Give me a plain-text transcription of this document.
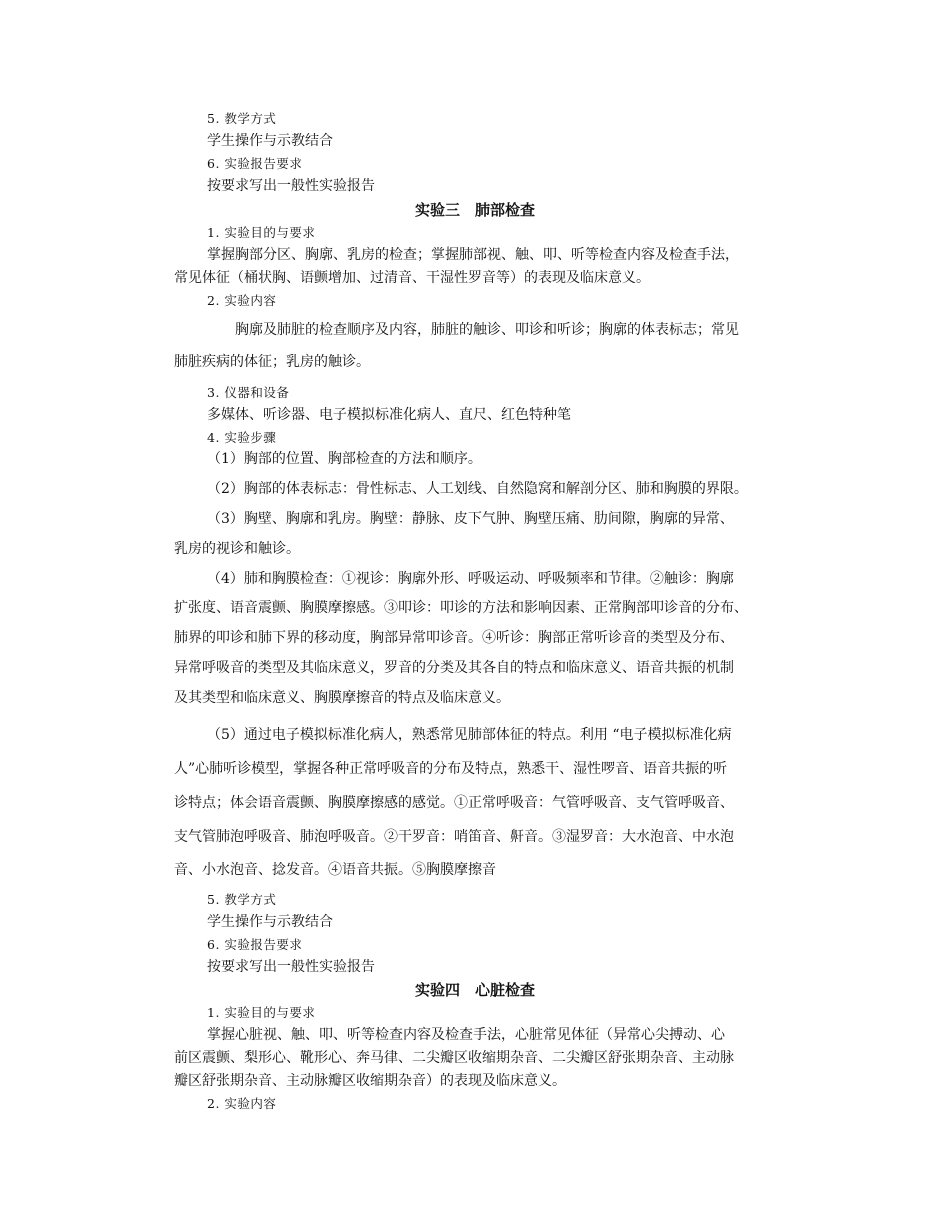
5. 教学方式
学生操作与示教结合
6. 实验报告要求
按要求写出一般性实验报告
实验三　肺部检查
1. 实验目的与要求
掌握胸部分区、胸廓、乳房的检查；掌握肺部视、触、叩、听等检查内容及检查手法，
常见体征（桶状胸、语颤增加、过清音、干湿性罗音等）的表现及临床意义。
2. 实验内容
胸廓及肺脏的检查顺序及内容，肺脏的触诊、叩诊和听诊；胸廓的体表标志；常见
肺脏疾病的体征；乳房的触诊。
3. 仪器和设备
多媒体、听诊器、电子模拟标准化病人、直尺、红色特种笔
4. 实验步骤
（1）胸部的位置、胸部检查的方法和顺序。
（2）胸部的体表标志：骨性标志、人工划线、自然隐窝和解剖分区、肺和胸膜的界限。
（3）胸壁、胸廓和乳房。胸壁：静脉、皮下气肿、胸壁压痛、肋间隙，胸廓的异常、
乳房的视诊和触诊。
（4）肺和胸膜检查：①视诊：胸廓外形、呼吸运动、呼吸频率和节律。②触诊：胸廓
扩张度、语音震颤、胸膜摩擦感。③叩诊：叩诊的方法和影响因素、正常胸部叩诊音的分布、
肺界的叩诊和肺下界的移动度，胸部异常叩诊音。④听诊：胸部正常听诊音的类型及分布、
异常呼吸音的类型及其临床意义，罗音的分类及其各自的特点和临床意义、语音共振的机制
及其类型和临床意义、胸膜摩擦音的特点及临床意义。
（5）通过电子模拟标准化病人，熟悉常见肺部体征的特点。利用 “电子模拟标准化病
人”心肺听诊模型，掌握各种正常呼吸音的分布及特点，熟悉干、湿性啰音、语音共振的听
诊特点；体会语音震颤、胸膜摩擦感的感觉。①正常呼吸音：气管呼吸音、支气管呼吸音、
支气管肺泡呼吸音、肺泡呼吸音。②干罗音：哨笛音、鼾音。③湿罗音：大水泡音、中水泡
音、小水泡音、捻发音。④语音共振。⑤胸膜摩擦音
5. 教学方式
学生操作与示教结合
6. 实验报告要求
按要求写出一般性实验报告
实验四　心脏检查
1. 实验目的与要求
掌握心脏视、触、叩、听等检查内容及检查手法，心脏常见体征（异常心尖搏动、心
前区震颤、梨形心、靴形心、奔马律、二尖瓣区收缩期杂音、二尖瓣区舒张期杂音、主动脉
瓣区舒张期杂音、主动脉瓣区收缩期杂音）的表现及临床意义。
2. 实验内容
